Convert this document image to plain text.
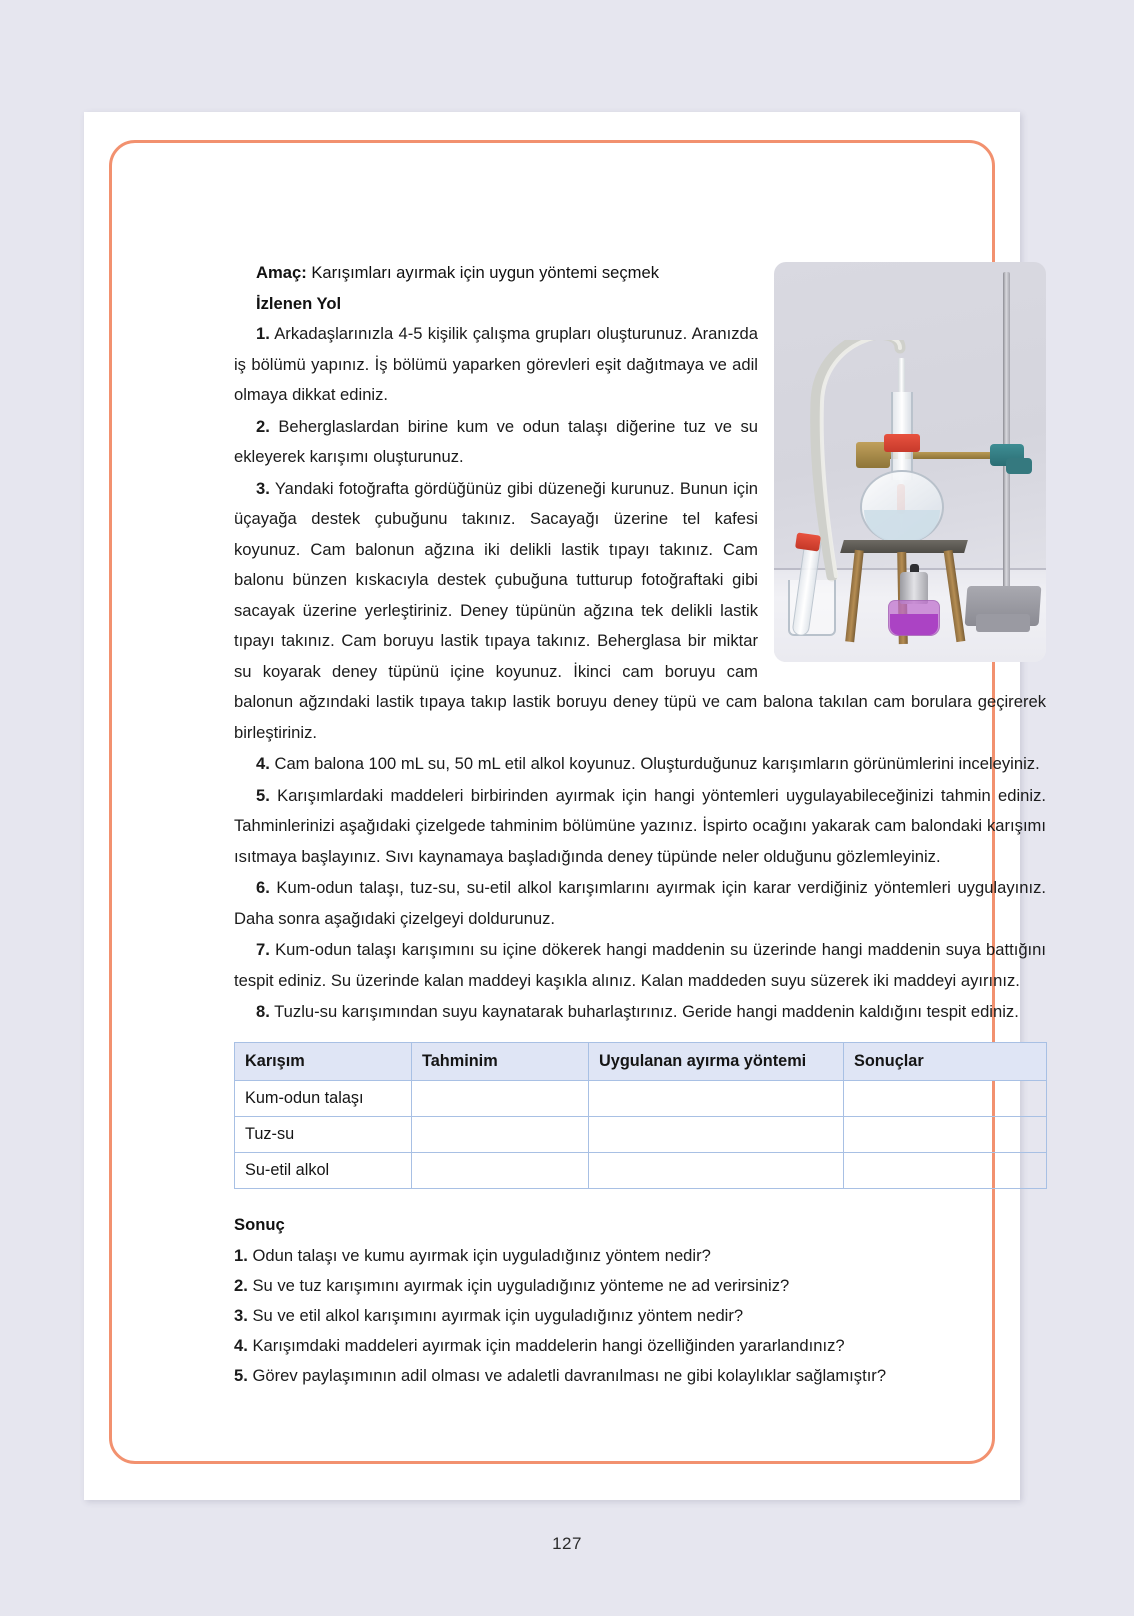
Amaç: Karışımları ayırmak için uygun yöntemi seçmek

İzlenen Yol

1. Arkadaşlarınızla 4-5 kişilik çalışma grupları oluşturunuz. Aranızda iş bölümü yapınız. İş bölümü yaparken görevleri eşit dağıtmaya ve adil olmaya dikkat ediniz.

2. Beherglaslardan birine kum ve odun talaşı diğerine tuz ve su ekleyerek karışımı oluşturunuz.

3. Yandaki fotoğrafta gördüğünüz gibi düzeneği kurunuz. Bunun için üçayağa destek çubuğunu takınız. Sacayağı üzerine tel kafesi koyunuz. Cam balonun ağzına iki delikli lastik tıpayı takınız. Cam balonu bünzen kıskacıyla destek çubuğuna tutturup fotoğraftaki gibi sacayak üzerine yerleştiriniz. Deney tüpünün ağzına tek delikli lastik tıpayı takınız. Cam boruyu lastik tıpaya takınız. Beherglasa bir miktar su koyarak deney tüpünü içine koyunuz. İkinci cam boruyu cam balonun ağzındaki lastik tıpaya takıp lastik boruyu deney tüpü ve cam balona takılan cam borulara geçirerek birleştiriniz.

4. Cam balona 100 mL su, 50 mL etil alkol koyunuz. Oluşturduğunuz karışımların görünümlerini inceleyiniz.

5. Karışımlardaki maddeleri birbirinden ayırmak için hangi yöntemleri uygulayabileceğinizi tahmin ediniz. Tahminlerinizi aşağıdaki çizelgede tahminim bölümüne yazınız. İspirto ocağını yakarak cam balondaki karışımı ısıtmaya başlayınız. Sıvı kaynamaya başladığında deney tüpünde neler olduğunu gözlemleyiniz.

6. Kum-odun talaşı, tuz-su, su-etil alkol karışımlarını ayırmak için karar verdiğiniz yöntemleri uygulayınız. Daha sonra aşağıdaki çizelgeyi doldurunuz.

7. Kum-odun talaşı karışımını su içine dökerek hangi maddenin su üzerinde hangi maddenin suya battığını tespit ediniz. Su üzerinde kalan maddeyi kaşıkla alınız. Kalan maddeden suyu süzerek iki maddeyi ayırınız.

8. Tuzlu-su karışımından suyu kaynatarak buharlaştırınız. Geride hangi maddenin kaldığını tespit ediniz.

Karışım	Tahminim	Uygulanan ayırma yöntemi	Sonuçlar
Kum-odun talaşı			
Tuz-su			
Su-etil alkol			

Sonuç

1. Odun talaşı ve kumu ayırmak için uyguladığınız yöntem nedir?

2. Su ve tuz karışımını ayırmak için uyguladığınız yönteme ne ad verirsiniz?

3. Su ve etil alkol karışımını ayırmak için uyguladığınız yöntem nedir?

4. Karışımdaki maddeleri ayırmak için maddelerin hangi özelliğinden yararlandınız?

5. Görev paylaşımının adil olması ve adaletli davranılması ne gibi kolaylıklar sağlamıştır?

127
